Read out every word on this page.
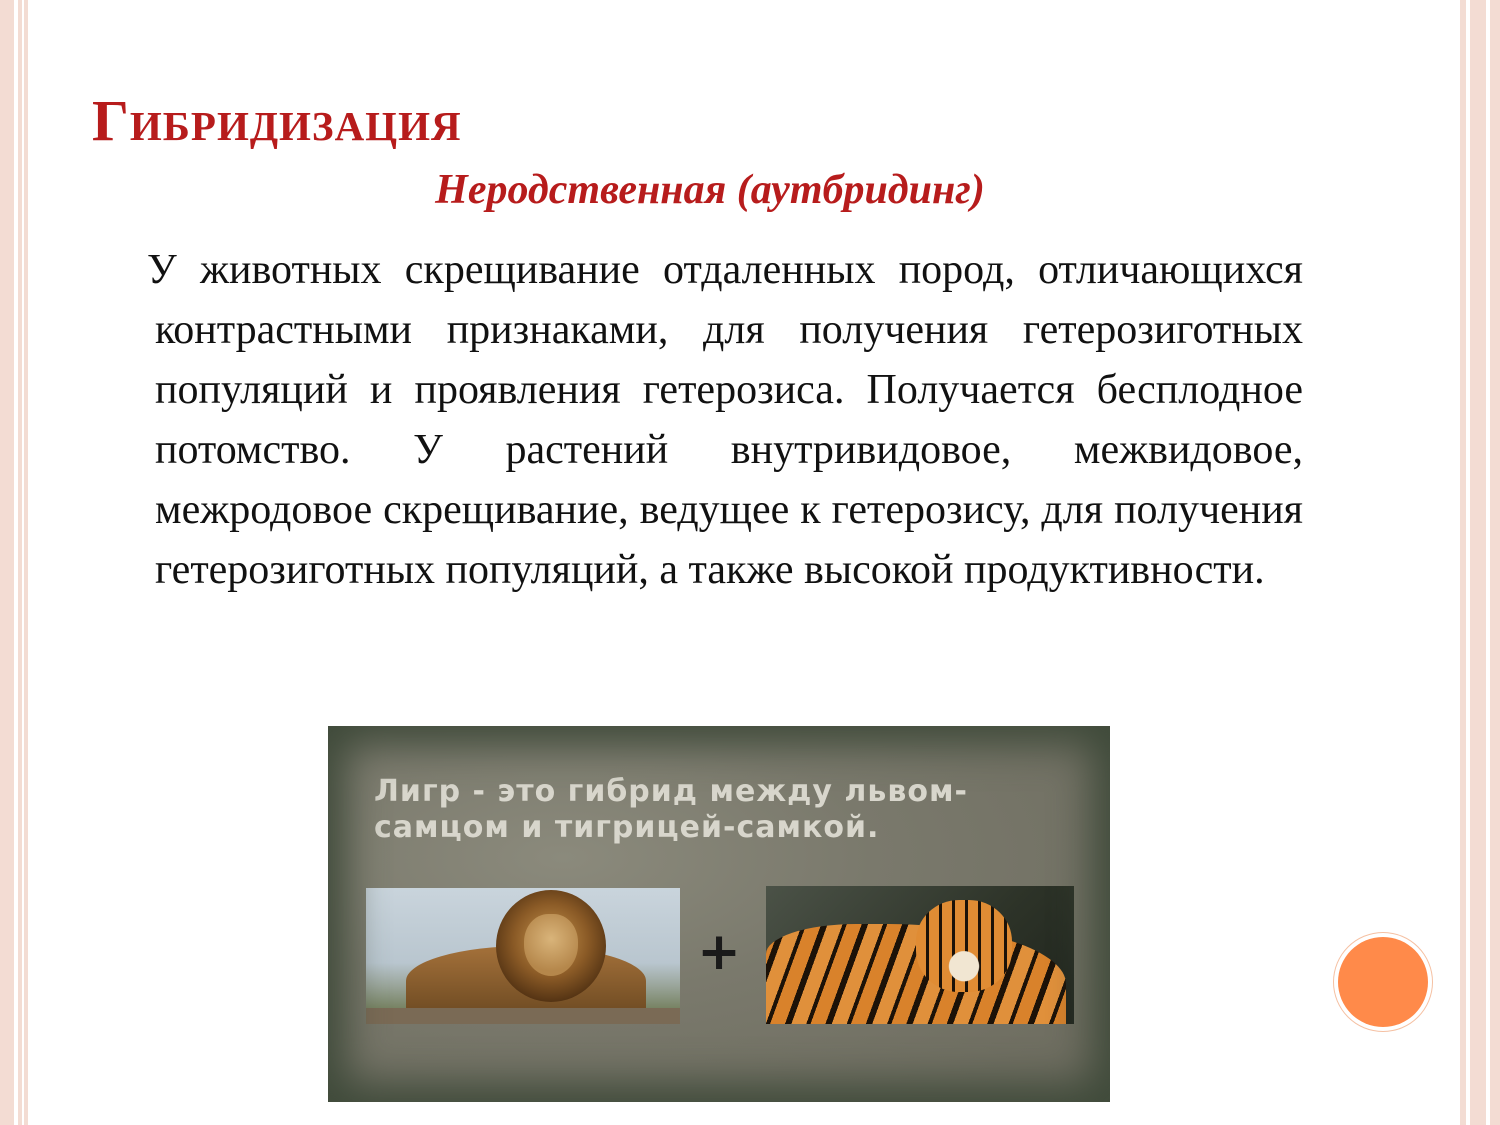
Гибридизация
Неродственная (аутбридинг)
У животных скрещивание отдаленных пород, отличающихся контрастными признаками, для получения гетерозиготных популяций и проявления гетерозиса. Получается бесплодное потомство. У растений внутривидовое, межвидовое, межродовое скрещивание, ведущее к гетерозису, для получения гетерозиготных популяций, а также высокой продуктивности.
Лигр - это гибрид между львом-самцом и тигрицей-самкой.
+
